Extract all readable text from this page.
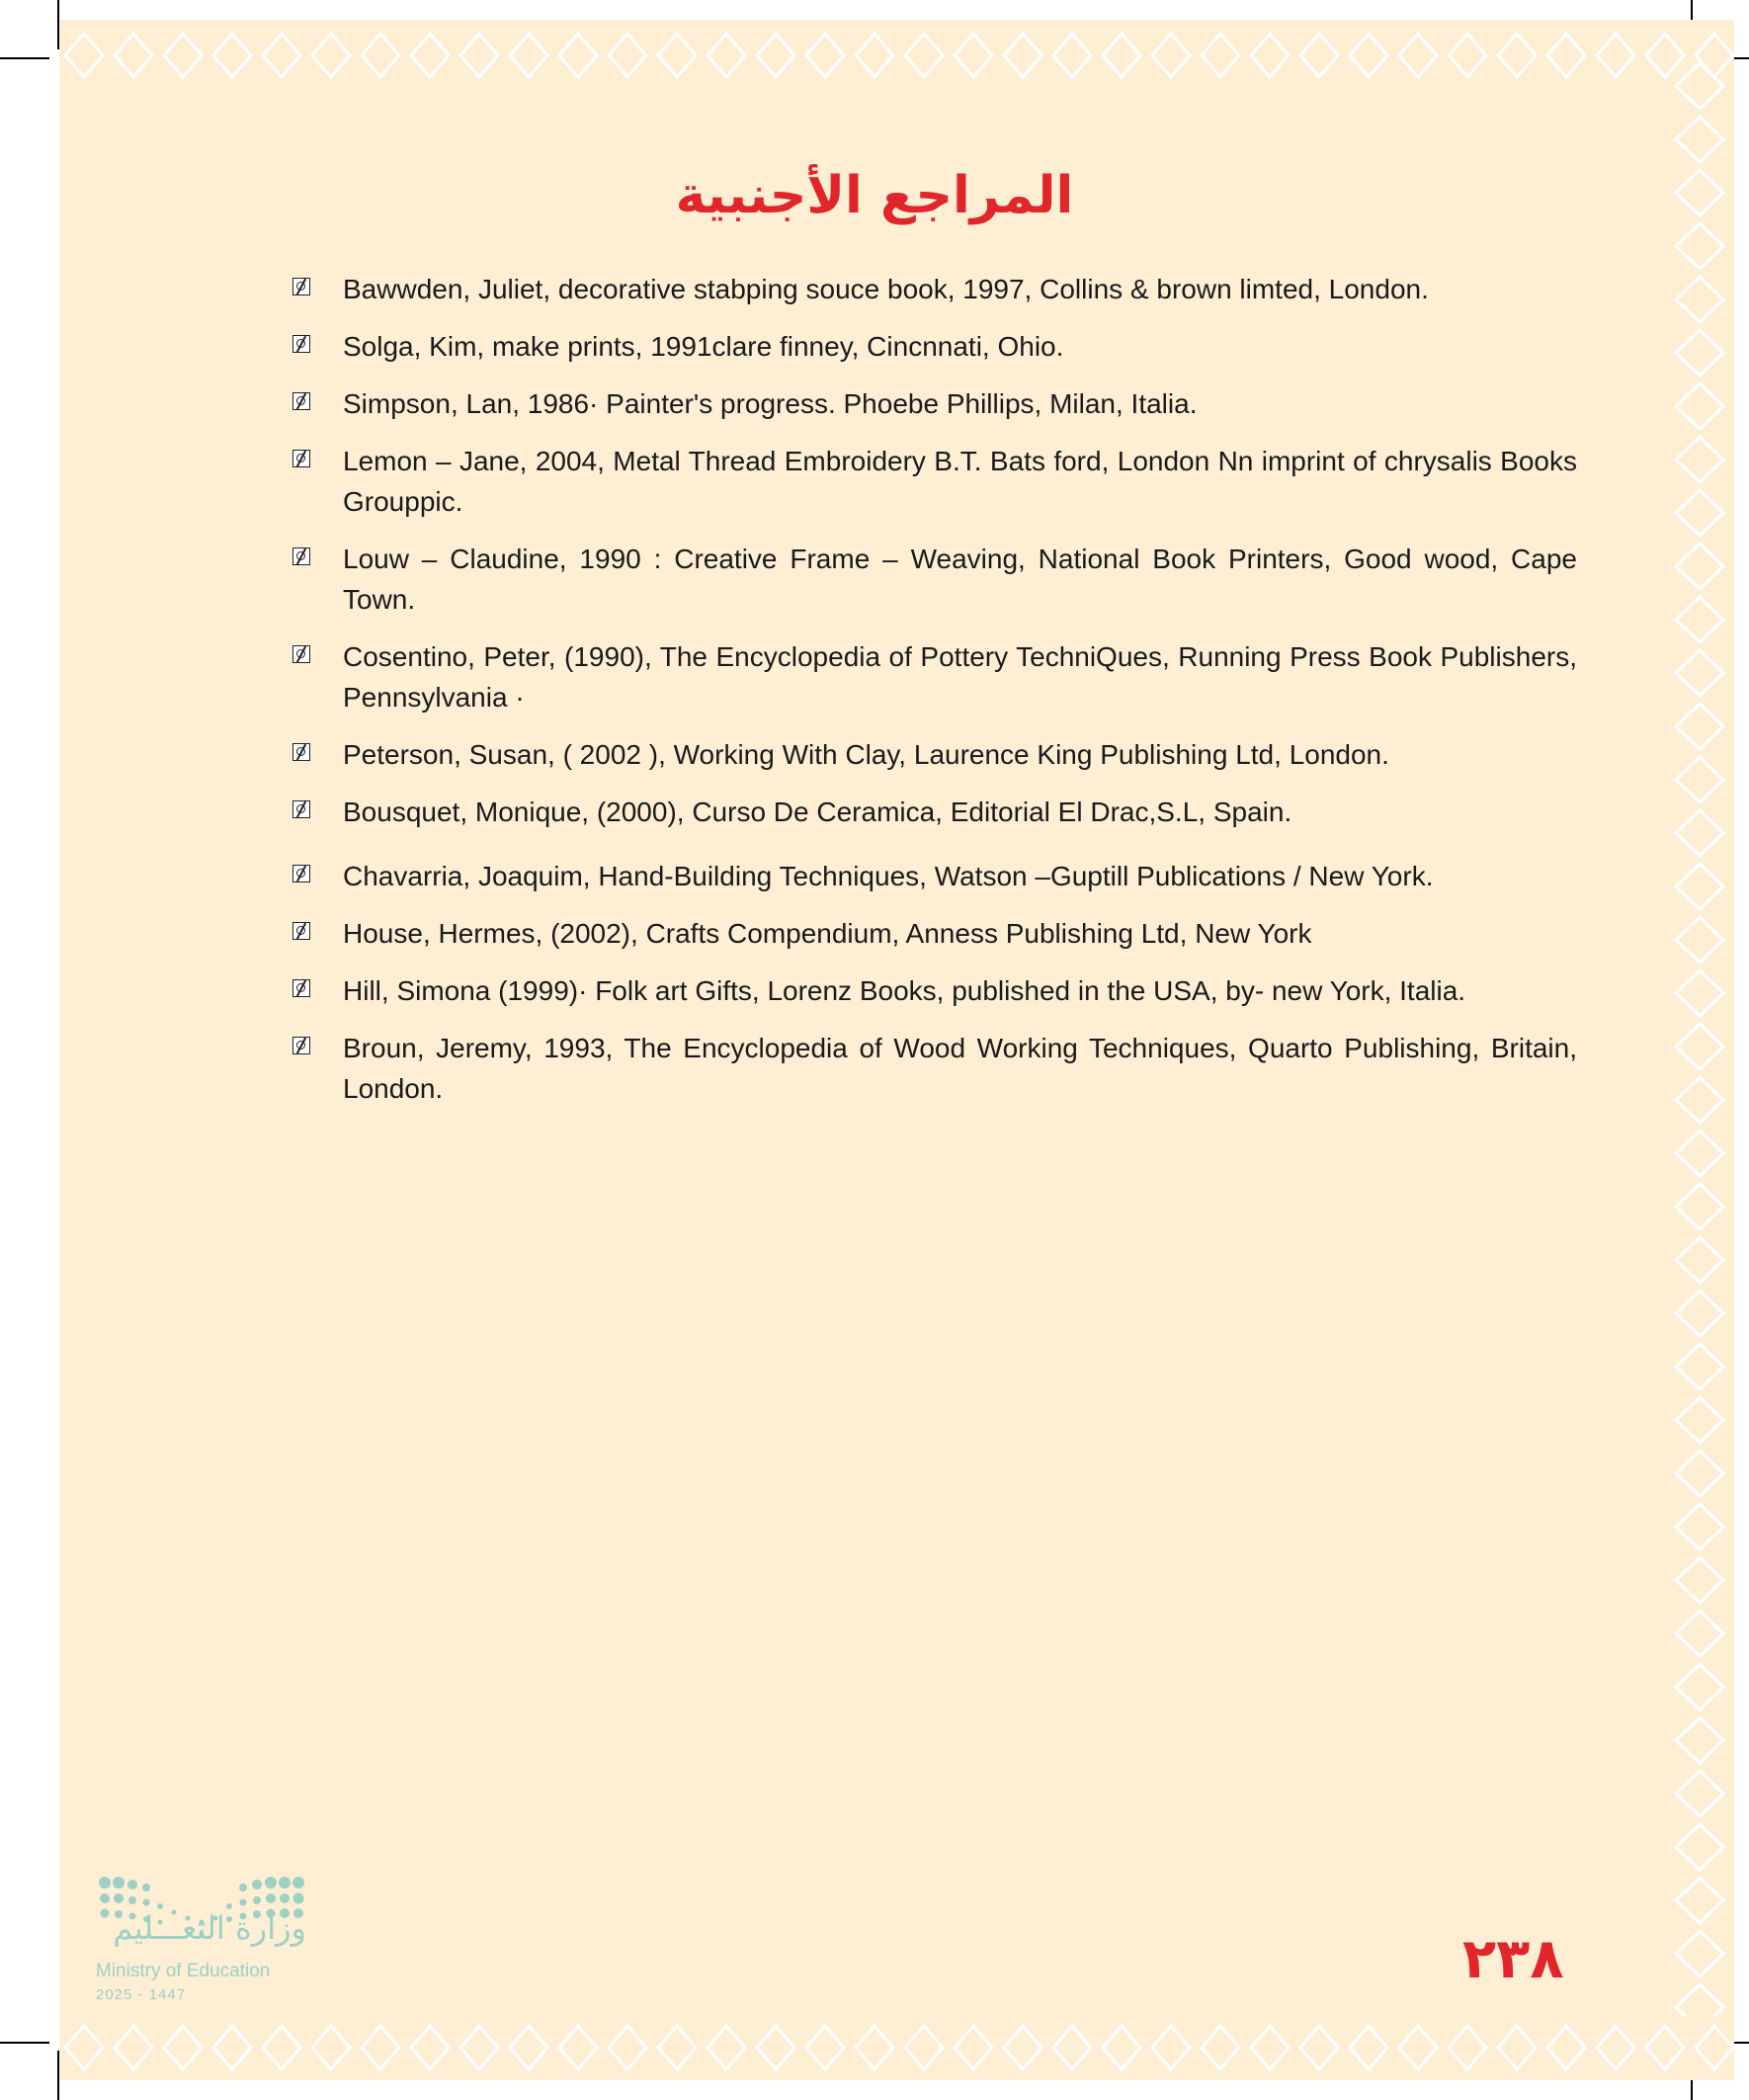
المراجع الأجنبية
Bawwden, Juliet, decorative stabping souce book, 1997, Collins & brown limted, London.
Solga, Kim, make prints, 1991clare finney, Cincnnati, Ohio.
Simpson, Lan, 1986· Painter's progress. Phoebe Phillips, Milan, Italia.
Lemon – Jane, 2004, Metal Thread Embroidery B.T. Bats ford, London Nn imprint of chrysalis Books Grouppic.
Louw – Claudine, 1990 : Creative Frame – Weaving, National Book Printers, Good wood, Cape Town.
Cosentino, Peter, (1990), The Encyclopedia of Pottery TechniQues, Running Press Book Publishers, Pennsylvania ·
Peterson, Susan, ( 2002 ), Working With Clay, Laurence King Publishing Ltd, London.
Bousquet, Monique, (2000), Curso De Ceramica, Editorial El Drac,S.L, Spain.
Chavarria, Joaquim, Hand-Building Techniques, Watson –Guptill Publications / New York.
House, Hermes, (2002), Crafts Compendium, Anness Publishing Ltd, New York
Hill, Simona (1999)· Folk art Gifts, Lorenz Books, published in the USA, by- new York, Italia.
Broun, Jeremy, 1993, The Encyclopedia of Wood Working Techniques, Quarto Publishing, Britain, London.
وزارة التعـــليم
Ministry of Education
2025 - 1447
٢٣٨
